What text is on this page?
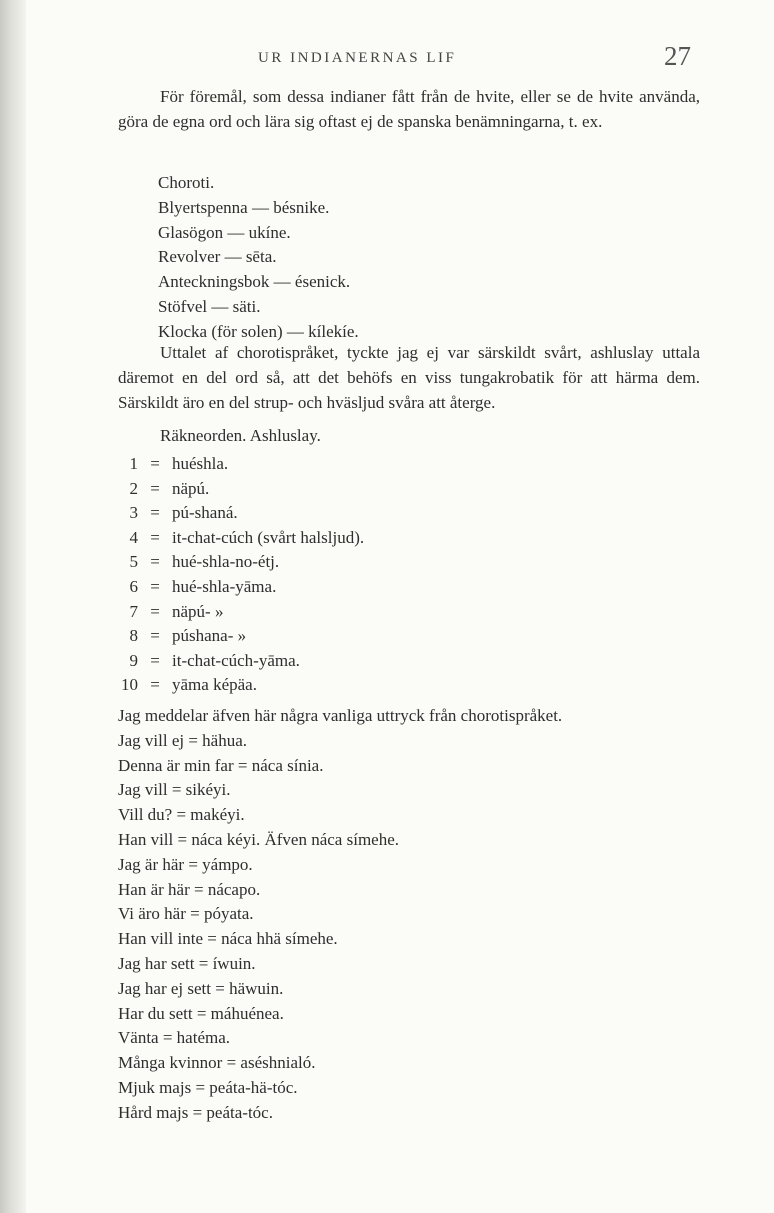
UR INDIANERNAS LIF	27

För föremål, som dessa indianer fått från de hvite, eller se de hvite använda, göra de egna ord och lära sig oftast ej de spanska benämningarna, t. ex.

Choroti.
Blyertspenna — bésnike.
Glasögon — ukíne.
Revolver — sēta.
Anteckningsbok — ésenick.
Stöfvel — säti.
Klocka (för solen) — kílekíe.

Uttalet af chorotispråket, tyckte jag ej var särskildt svårt, ashluslay uttala däremot en del ord så, att det behöfs en viss tungakrobatik för att härma dem. Särskildt äro en del strup- och hväsljud svåra att återge.

Räkneorden. Ashluslay.
1 = huéshla.
2 = näpú.
3 = pú-shaná.
4 = it-chat-cúch (svårt halsljud).
5 = hué-shla-no-étj.
6 = hué-shla-yāma.
7 = näpú- »
8 = púshana- »
9 = it-chat-cúch-yāma.
10 = yāma képäa.
Jag meddelar äfven här några vanliga uttryck från chorotispråket.
Jag vill ej = hähua.
Denna är min far = náca sínia.
Jag vill = sikéyi.
Vill du? = makéyi.
Han vill = náca kéyi. Äfven náca símehe.
Jag är här = yámpo.
Han är här = nácapo.
Vi äro här = póyata.
Han vill inte = náca hhä símehe.
Jag har sett = íwuin.
Jag har ej sett = häwuin.
Har du sett = máhuénea.
Vänta = hatéma.
Många kvinnor = aséshnialó.
Mjuk majs = peáta-hä-tóc.
Hård majs = peáta-tóc.
